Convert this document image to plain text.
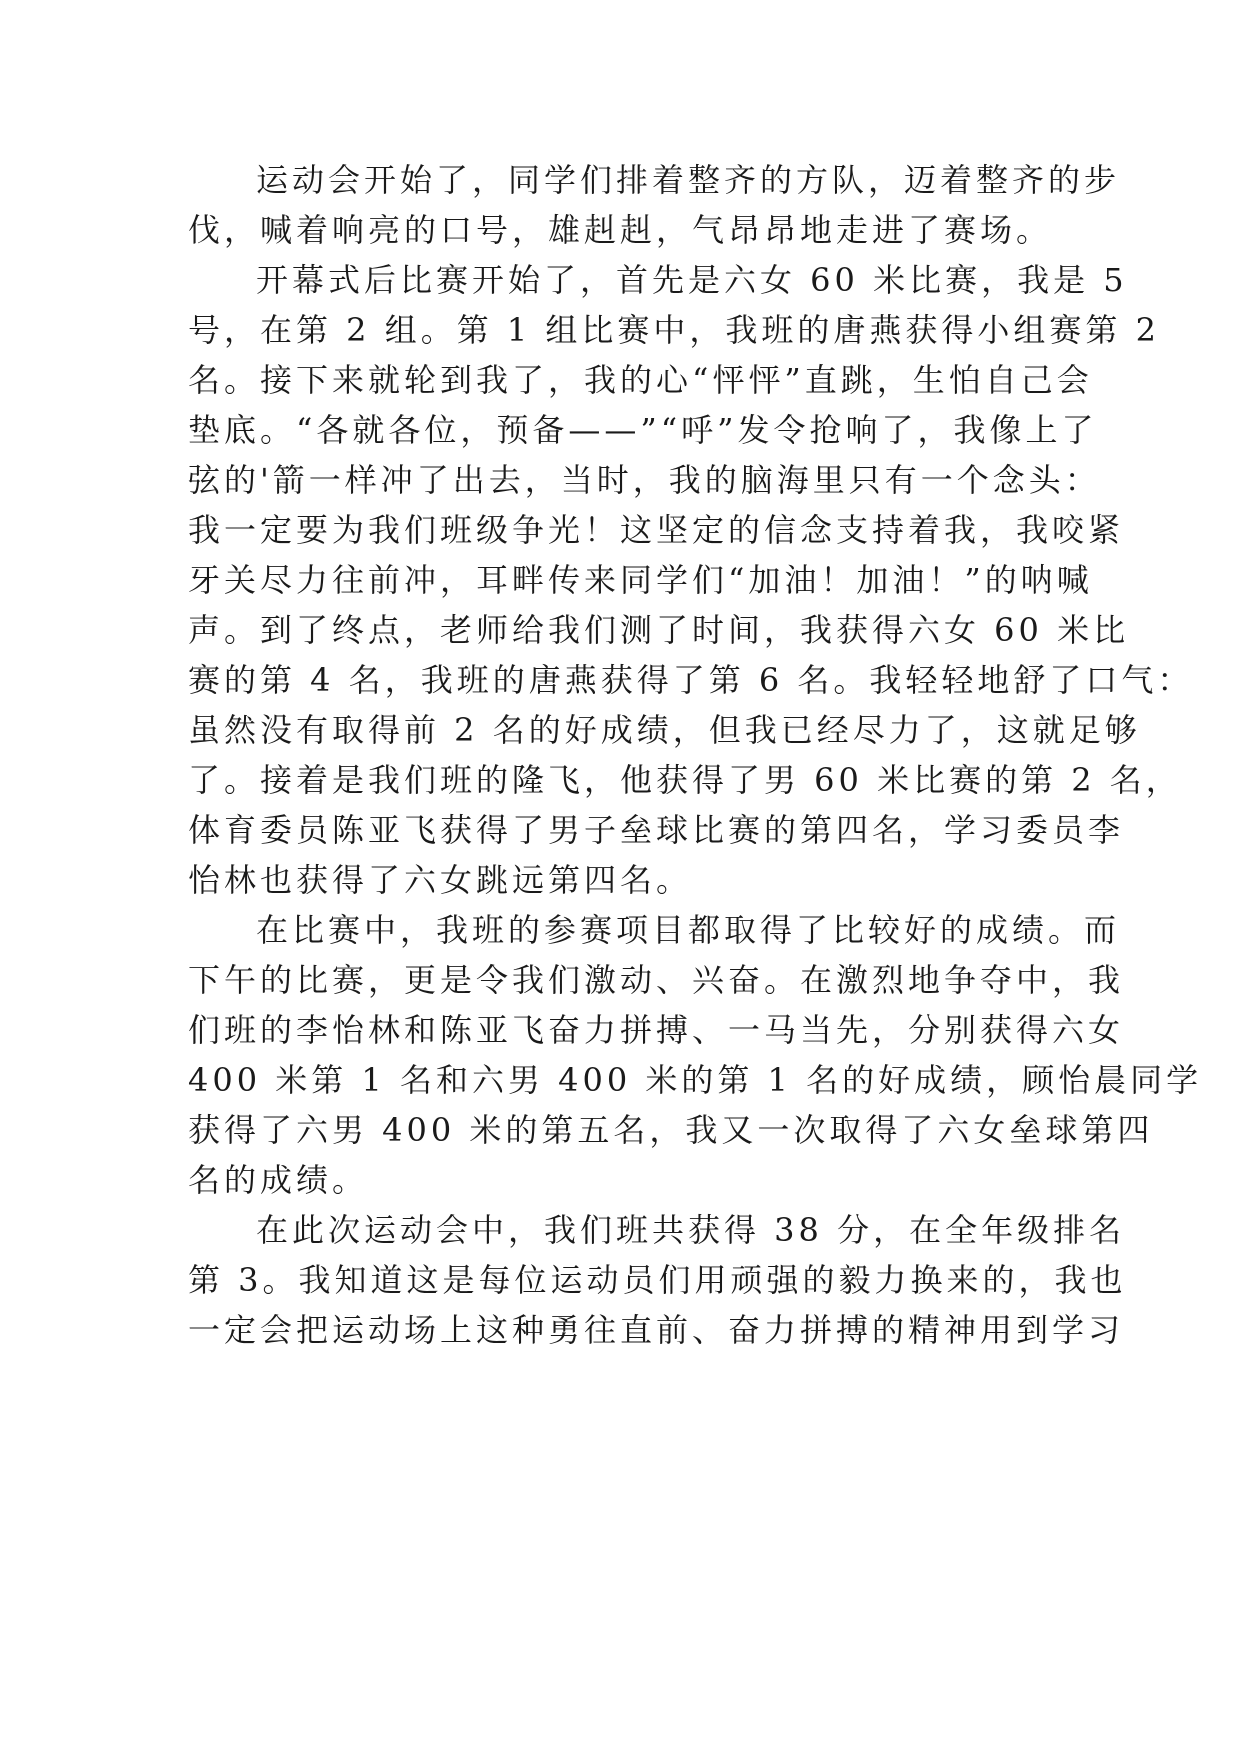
运动会开始了，同学们排着整齐的方队，迈着整齐的步
伐，喊着响亮的口号，雄赳赳，气昂昂地走进了赛场。

开幕式后比赛开始了，首先是六女 60 米比赛，我是 5
号，在第 2 组。第 1 组比赛中，我班的唐燕获得小组赛第 2
名。接下来就轮到我了，我的心“怦怦”直跳，生怕自己会
垫底。“各就各位，预备——”“呼”发令抢响了，我像上了
弦的'箭一样冲了出去，当时，我的脑海里只有一个念头：
我一定要为我们班级争光！这坚定的信念支持着我，我咬紧
牙关尽力往前冲，耳畔传来同学们“加油！加油！”的呐喊
声。到了终点，老师给我们测了时间，我获得六女 60 米比
赛的第 4 名，我班的唐燕获得了第 6 名。我轻轻地舒了口气：
虽然没有取得前 2 名的好成绩，但我已经尽力了，这就足够
了。接着是我们班的隆飞，他获得了男 60 米比赛的第 2 名，
体育委员陈亚飞获得了男子垒球比赛的第四名，学习委员李
怡林也获得了六女跳远第四名。

在比赛中，我班的参赛项目都取得了比较好的成绩。而
下午的比赛，更是令我们激动、兴奋。在激烈地争夺中，我
们班的李怡林和陈亚飞奋力拼搏、一马当先，分别获得六女
400 米第 1 名和六男 400 米的第 1 名的好成绩，顾怡晨同学
获得了六男 400 米的第五名，我又一次取得了六女垒球第四
名的成绩。

在此次运动会中，我们班共获得 38 分，在全年级排名
第 3。我知道这是每位运动员们用顽强的毅力换来的，我也
一定会把运动场上这种勇往直前、奋力拼搏的精神用到学习
